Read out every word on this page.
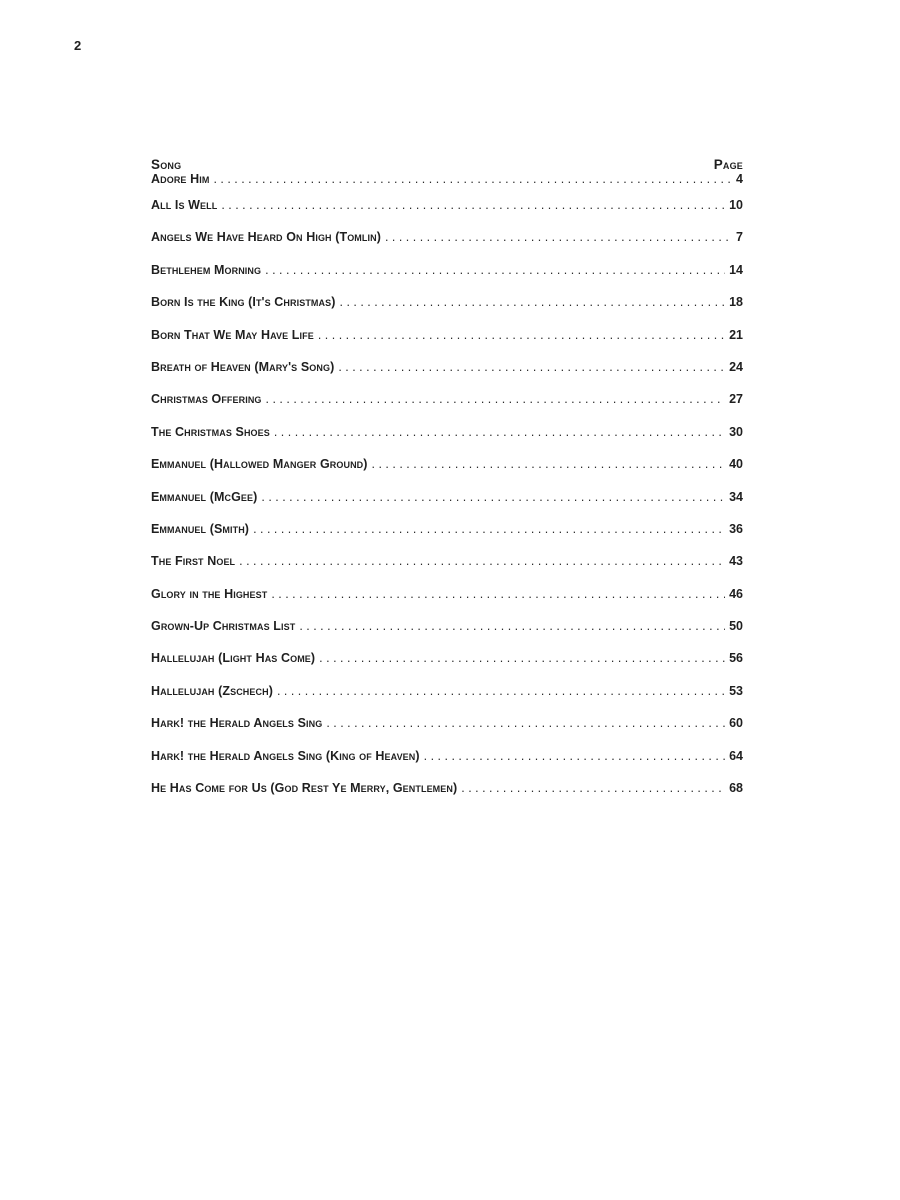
2
Song	Page
Adore Him . . .	4
All Is Well . . .	10
Angels We Have Heard On High (Tomlin) . . .	7
Bethlehem Morning . . .	14
Born Is the King (It's Christmas) . . .	18
Born That We May Have Life . . .	21
Breath of Heaven (Mary's Song) . . .	24
Christmas Offering . . .	27
The Christmas Shoes . . .	30
Emmanuel (Hallowed Manger Ground) . . .	40
Emmanuel (McGee) . . .	34
Emmanuel (Smith) . . .	36
The First Noel . . .	43
Glory in the Highest . . .	46
Grown-Up Christmas List . . .	50
Hallelujah (Light Has Come) . . .	56
Hallelujah (Zschech) . . .	53
Hark! the Herald Angels Sing . . .	60
Hark! the Herald Angels Sing (King of Heaven) . . .	64
He Has Come for Us (God Rest Ye Merry, Gentlemen) . . .	68
